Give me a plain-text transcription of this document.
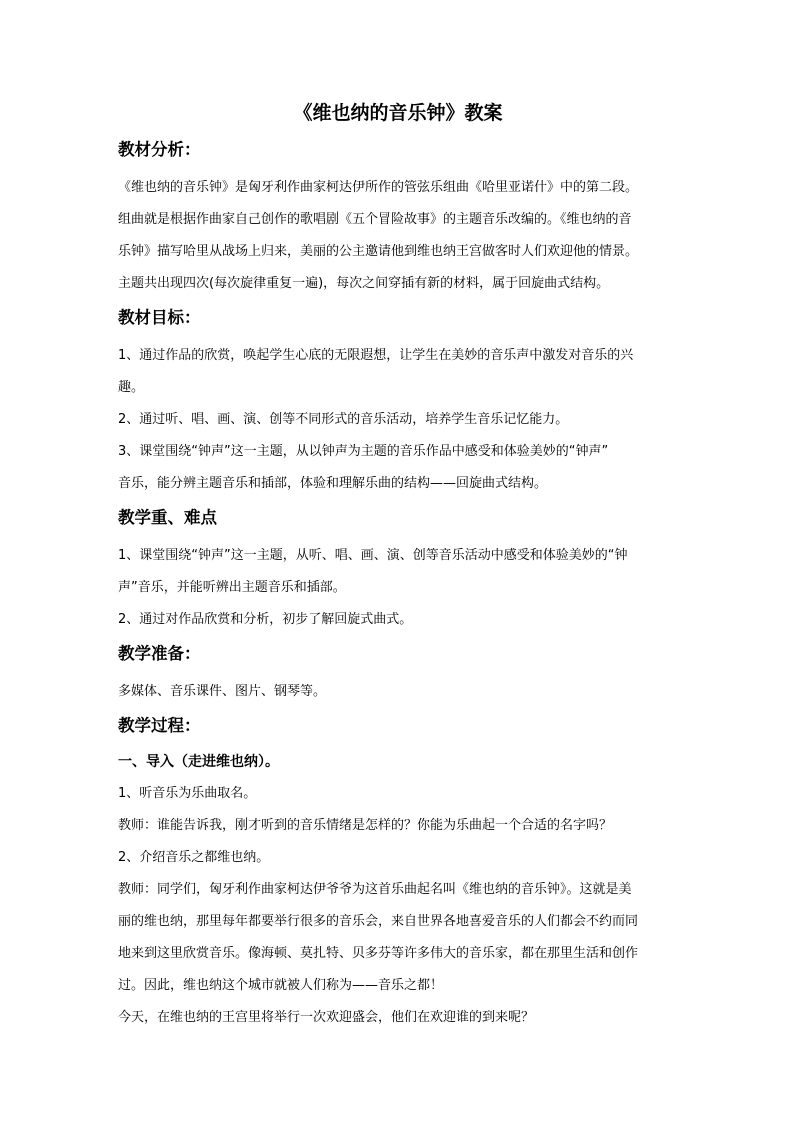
《维也纳的音乐钟》教案
教材分析：

《维也纳的音乐钟》是匈牙利作曲家柯达伊所作的管弦乐组曲《哈里亚诺什》中的第二段。

组曲就是根据作曲家自己创作的歌唱剧《五个冒险故事》的主题音乐改编的。《维也纳的音

乐钟》描写哈里从战场上归来，美丽的公主邀请他到维也纳王宫做客时人们欢迎他的情景。

主题共出现四次(每次旋律重复一遍)，每次之间穿插有新的材料，属于回旋曲式结构。

教材目标：

1、通过作品的欣赏，唤起学生心底的无限遐想，让学生在美妙的音乐声中激发对音乐的兴

趣。

2、通过听、唱、画、演、创等不同形式的音乐活动，培养学生音乐记忆能力。

3、课堂围绕“钟声”这一主题，从以钟声为主题的音乐作品中感受和体验美妙的“钟声”

音乐，能分辨主题音乐和插部，体验和理解乐曲的结构——回旋曲式结构。

教学重、难点

1、课堂围绕“钟声”这一主题，从听、唱、画、演、创等音乐活动中感受和体验美妙的“钟

声”音乐，并能听辨出主题音乐和插部。

2、通过对作品欣赏和分析，初步了解回旋式曲式。

教学准备：

多媒体、音乐课件、图片、钢琴等。

教学过程：
一、导入（走进维也纳）。

1、听音乐为乐曲取名。

教师：谁能告诉我，刚才听到的音乐情绪是怎样的？你能为乐曲起一个合适的名字吗？

2、介绍音乐之都维也纳。

教师：同学们，匈牙利作曲家柯达伊爷爷为这首乐曲起名叫《维也纳的音乐钟》。这就是美

丽的维也纳，那里每年都要举行很多的音乐会，来自世界各地喜爱音乐的人们都会不约而同

地来到这里欣赏音乐。像海顿、莫扎特、贝多芬等许多伟大的音乐家，都在那里生活和创作

过。因此，维也纳这个城市就被人们称为——音乐之都！

今天，在维也纳的王宫里将举行一次欢迎盛会，他们在欢迎谁的到来呢？
